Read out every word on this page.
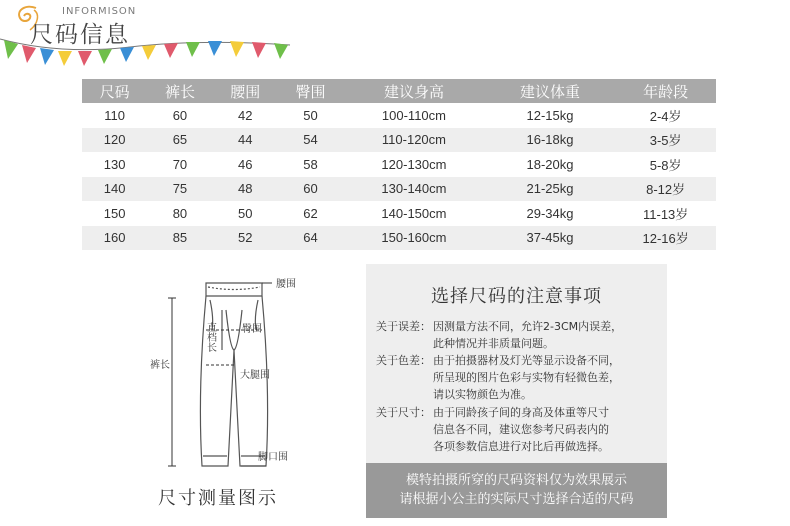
INFORMISON
尺码信息
尺码	裤长	腰围	臀围	建议身高	建议体重	年龄段
110	60	42	50	100-110cm	12-15kg	2-4岁
120	65	44	54	110-120cm	16-18kg	3-5岁
130	70	46	58	120-130cm	18-20kg	5-8岁
140	75	48	60	130-140cm	21-25kg	8-12岁
150	80	50	62	140-150cm	29-34kg	11-13岁
160	85	52	64	150-160cm	37-45kg	12-16岁
腰围
直档长	臀围
大腿围
裤长
脚口围
尺寸测量图示
选择尺码的注意事项
关于误差： 因测量方法不同，允许2-3CM内误差，
此种情况并非质量问题。
关于色差： 由于拍摄器材及灯光等显示设备不同，
所呈现的图片色彩与实物有轻微色差，
请以实物颜色为准。
关于尺寸： 由于同龄孩子间的身高及体重等尺寸
信息各不同，建议您参考尺码表内的
各项参数信息进行对比后再做选择。
模特拍摄所穿的尺码资料仅为效果展示
请根据小公主的实际尺寸选择合适的尺码
